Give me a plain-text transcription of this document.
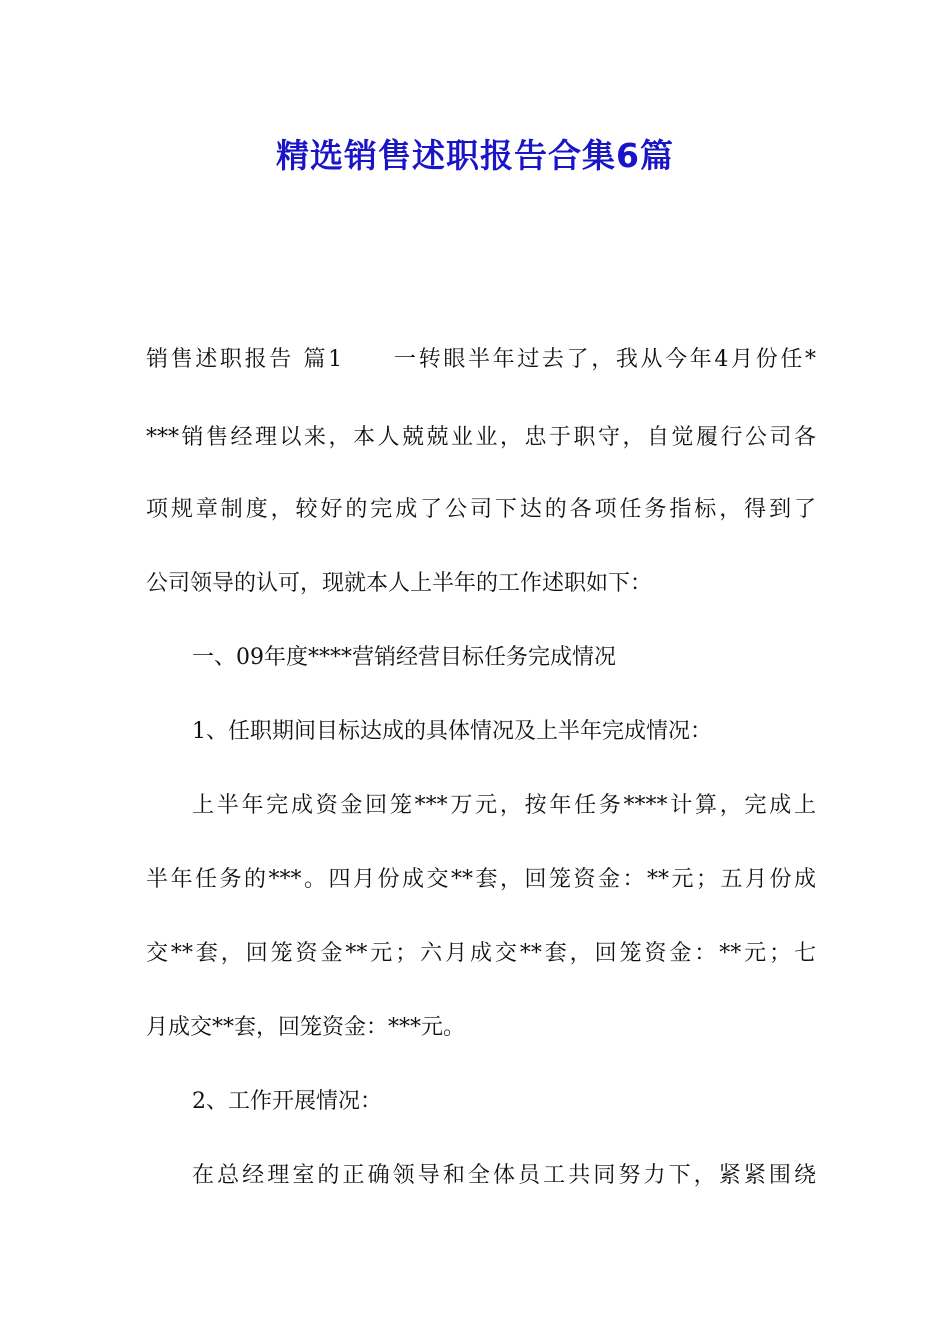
精选销售述职报告合集6篇

销售述职报告 篇1　　一转眼半年过去了，我从今年4月份任*

***销售经理以来，本人兢兢业业，忠于职守，自觉履行公司各

项规章制度，较好的完成了公司下达的各项任务指标，得到了

公司领导的认可，现就本人上半年的工作述职如下：

一、09年度****营销经营目标任务完成情况

1、任职期间目标达成的具体情况及上半年完成情况：

上半年完成资金回笼***万元，按年任务****计算，完成上

半年任务的***。四月份成交**套，回笼资金：**元；五月份成

交**套，回笼资金**元；六月成交**套，回笼资金：**元；七

月成交**套，回笼资金：***元。

2、工作开展情况：

在总经理室的正确领导和全体员工共同努力下，紧紧围绕
